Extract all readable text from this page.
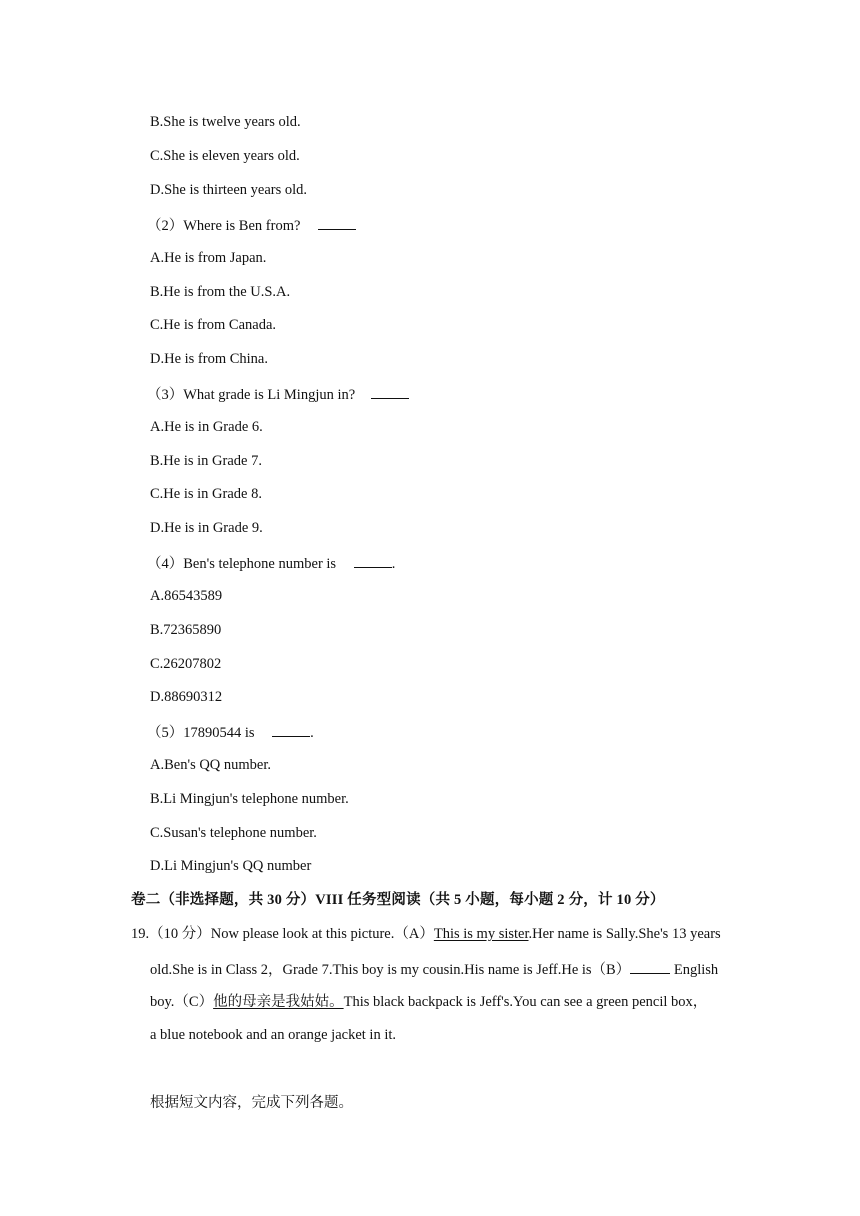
B.She is twelve years old.
C.She is eleven years old.
D.She is thirteen years old.
（2）Where is Ben from?
A.He is from Japan.
B.He is from the U.S.A.
C.He is from Canada.
D.He is from China.
（3）What grade is Li Mingjun in?
A.He is in Grade 6.
B.He is in Grade 7.
C.He is in Grade 8.
D.He is in Grade 9.
（4）Ben's telephone number is	.
A.86543589
B.72365890
C.26207802
D.88690312
（5）17890544 is	.
A.Ben's QQ number.
B.Li Mingjun's telephone number.
C.Susan's telephone number.
D.Li Mingjun's QQ number
卷二（非选择题，共 30 分）VIII 任务型阅读（共 5 小题，每小题 2 分，计 10 分）
19.（10 分）Now please look at this picture.（A）This is my sister.Her name is Sally.She's 13 years
old.She is in Class 2，Grade 7.This boy is my cousin.His name is Jeff.He is（B）	English
boy.（C）他的母亲是我姑姑。This black backpack is Jeff's.You can see a green pencil box，
a blue notebook and an orange jacket in it.
根据短文内容，完成下列各题。
